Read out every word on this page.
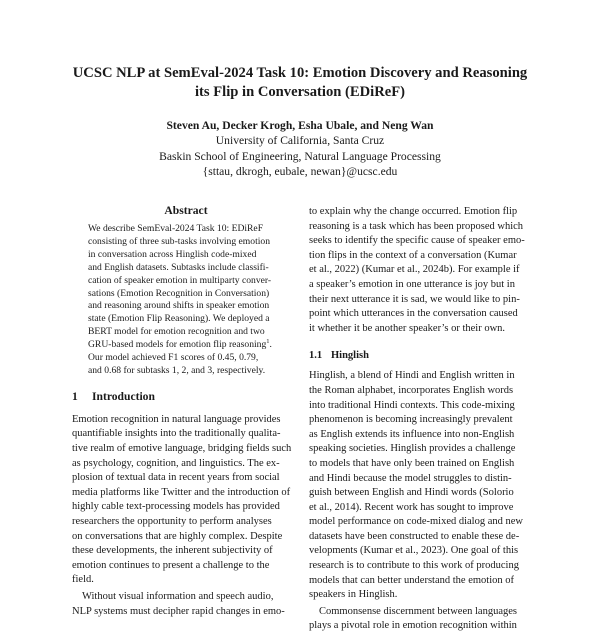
UCSC NLP at SemEval-2024 Task 10: Emotion Discovery and Reasoning
its Flip in Conversation (EDiReF)
Steven Au, Decker Krogh, Esha Ubale, and Neng Wan
University of California, Santa Cruz
Baskin School of Engineering, Natural Language Processing
{sttau, dkrogh, eubale, newan}@ucsc.edu
Abstract
We describe SemEval-2024 Task 10: EDiReF
consisting of three sub-tasks involving emotion
in conversation across Hinglish code-mixed
and English datasets. Subtasks include classifi-
cation of speaker emotion in multiparty conver-
sations (Emotion Recognition in Conversation)
and reasoning around shifts in speaker emotion
state (Emotion Flip Reasoning). We deployed a
BERT model for emotion recognition and two
GRU-based models for emotion flip reasoning$^1$.
Our model achieved F1 scores of 0.45, 0.79,
and 0.68 for subtasks 1, 2, and 3, respectively.
1 Introduction
Emotion recognition in natural language provides
quantifiable insights into the traditionally qualita-
tive realm of emotive language, bridging fields such
as psychology, cognition, and linguistics. The ex-
plosion of textual data in recent years from social
media platforms like Twitter and the introduction of
highly cable text-processing models has provided
researchers the opportunity to perform analyses
on conversations that are highly complex. Despite
these developments, the inherent subjectivity of
emotion continues to present a challenge to the
field.
Without visual information and speech audio,
NLP systems must decipher rapid changes in emo-
to explain why the change occurred. Emotion flip
reasoning is a task which has been proposed which
seeks to identify the specific cause of speaker emo-
tion flips in the context of a conversation (Kumar
et al., 2022) (Kumar et al., 2024b). For example if
a speaker’s emotion in one utterance is joy but in
their next utterance it is sad, we would like to pin-
point which utterances in the conversation caused
it whether it be another speaker’s or their own.
1.1 Hinglish
Hinglish, a blend of Hindi and English written in
the Roman alphabet, incorporates English words
into traditional Hindi contexts. This code-mixing
phenomenon is becoming increasingly prevalent
as English extends its influence into non-English
speaking societies. Hinglish provides a challenge
to models that have only been trained on English
and Hindi because the model struggles to distin-
guish between English and Hindi words (Solorio
et al., 2014). Recent work has sought to improve
model performance on code-mixed dialog and new
datasets have been constructed to enable these de-
velopments (Kumar et al., 2023). One goal of this
research is to contribute to this work of producing
models that can better understand the emotion of
speakers in Hinglish.
Commonsense discernment between languages
plays a pivotal role in emotion recognition within
